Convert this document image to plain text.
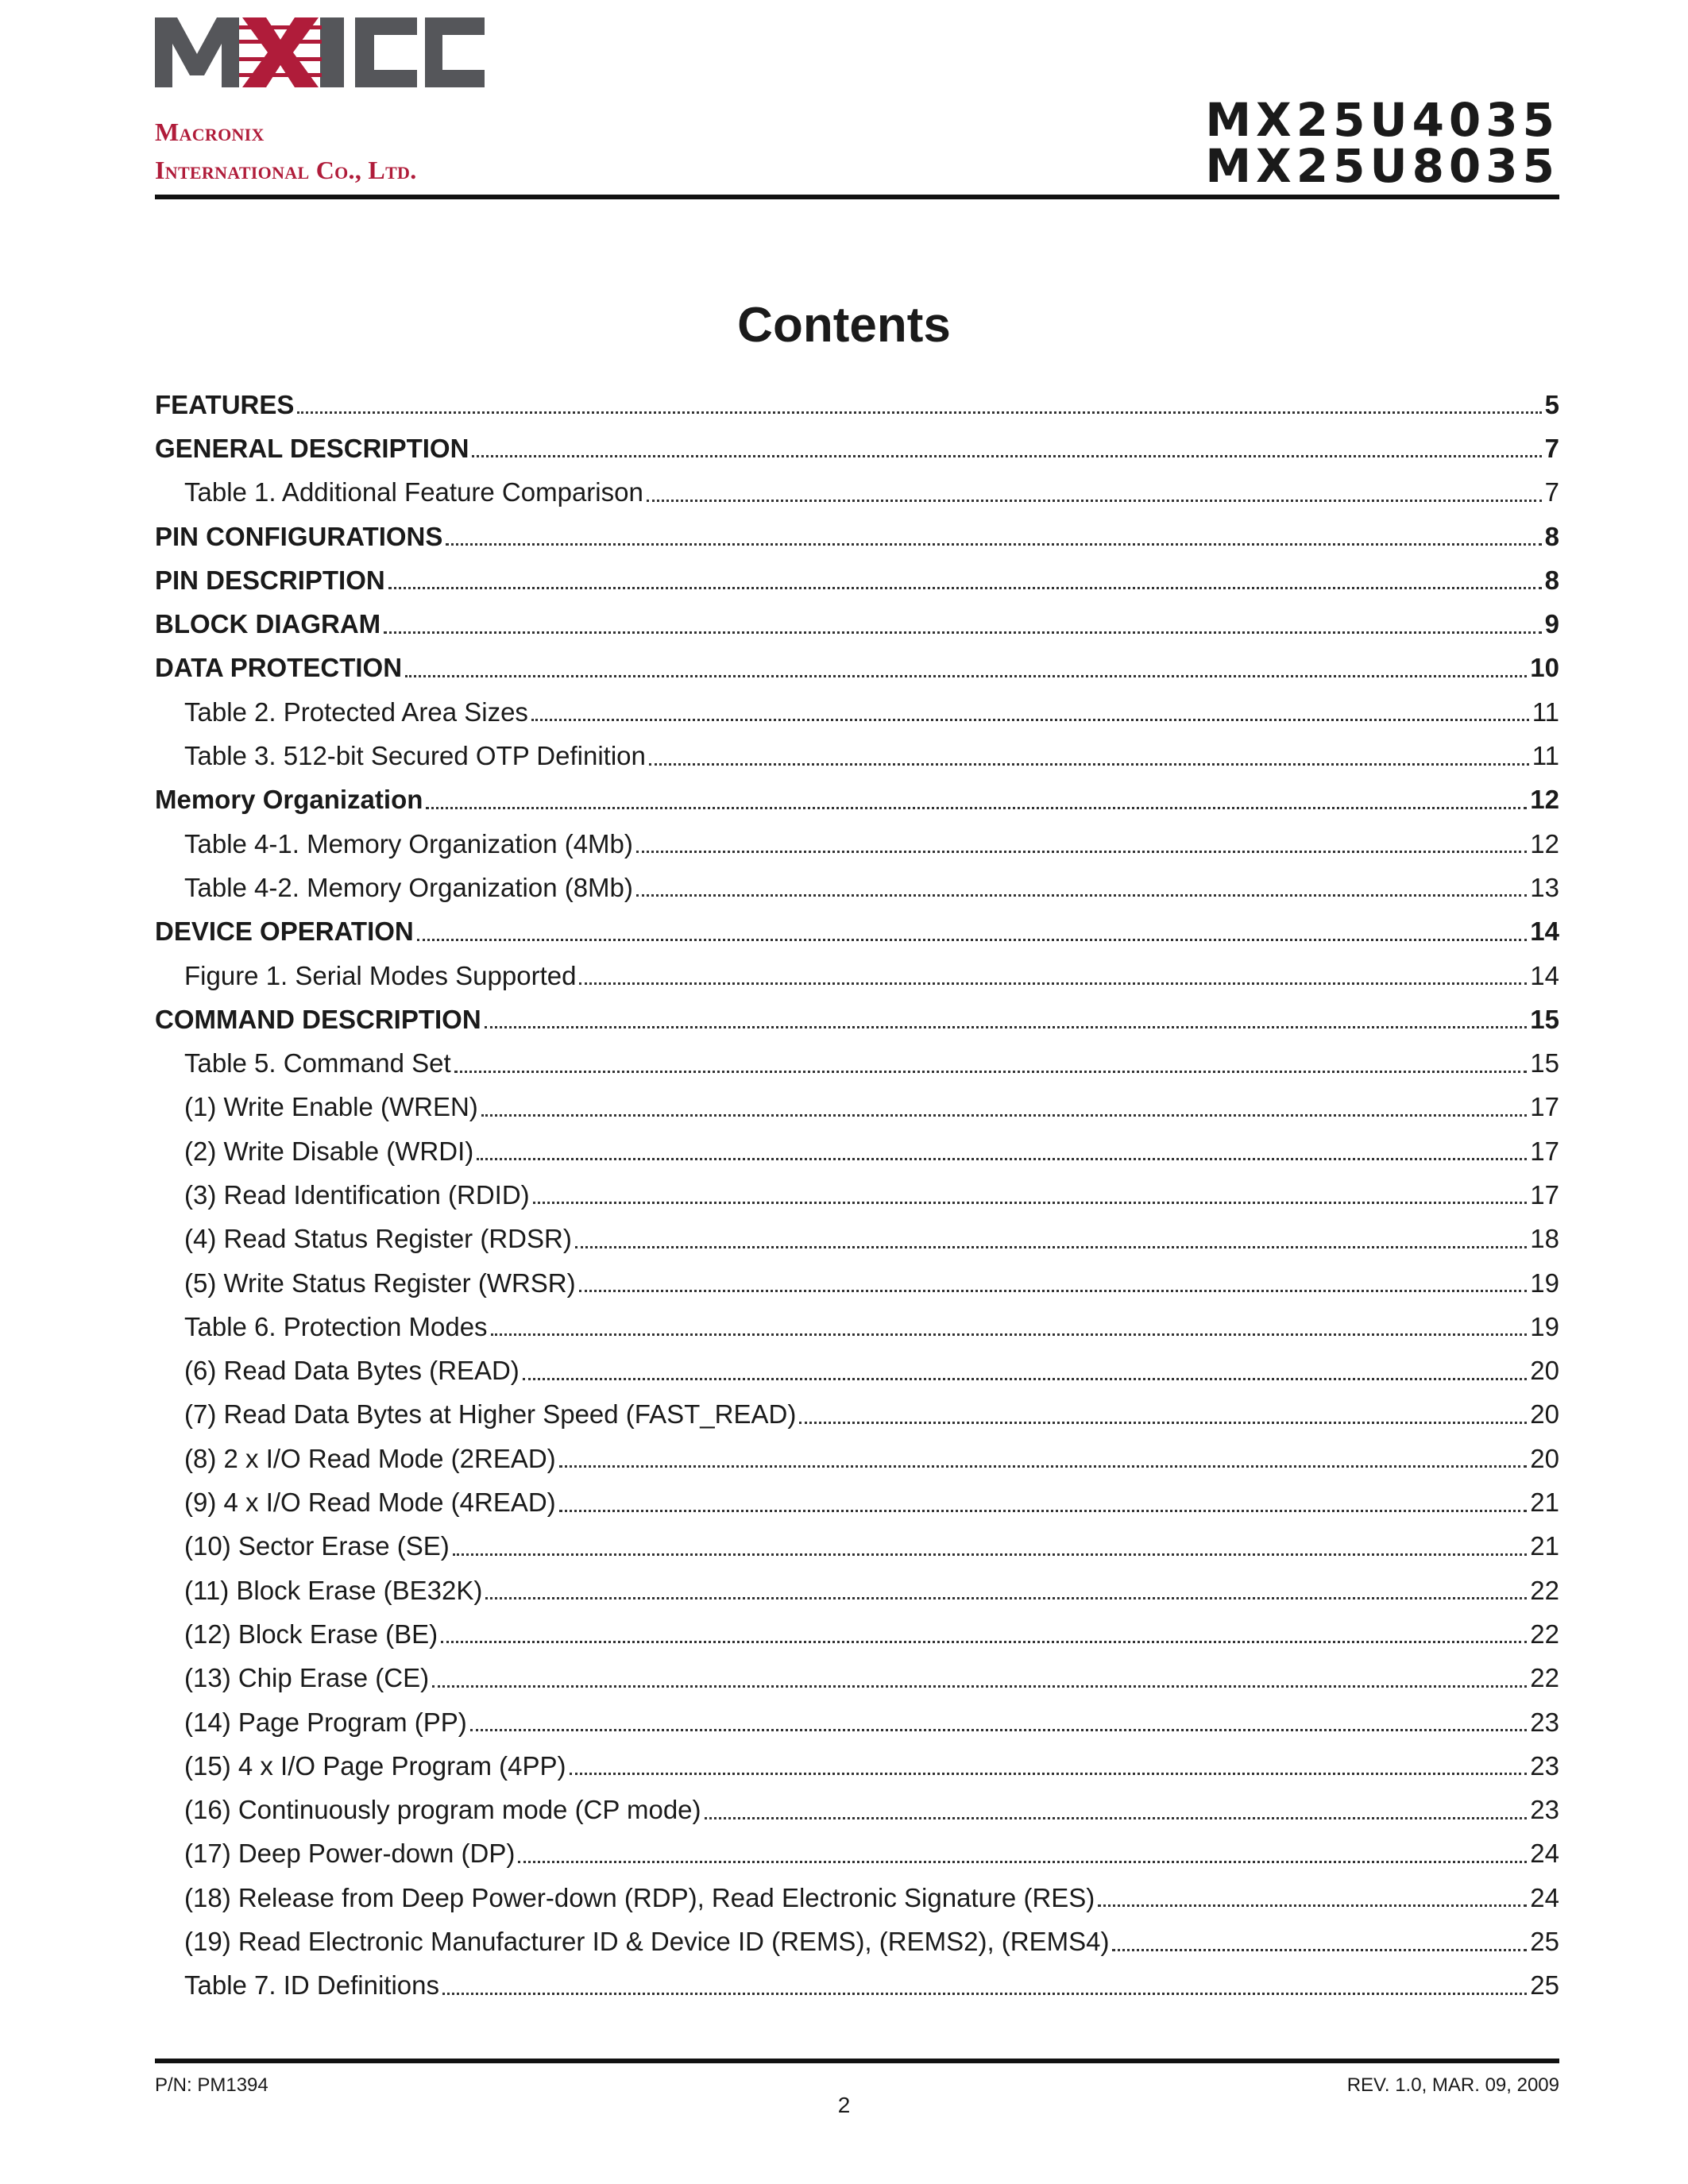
MXIC
Macronix
International Co., Ltd.
MX25U4035
MX25U8035
Contents
FEATURES	5
GENERAL DESCRIPTION	7
Table 1. Additional Feature Comparison	7
PIN CONFIGURATIONS	8
PIN DESCRIPTION	8
BLOCK DIAGRAM	9
DATA PROTECTION	10
Table 2. Protected Area Sizes	11
Table 3. 512-bit Secured OTP Definition	11
Memory Organization	12
Table 4-1. Memory Organization (4Mb)	12
Table 4-2. Memory Organization (8Mb)	13
DEVICE OPERATION	14
Figure 1. Serial Modes Supported	14
COMMAND DESCRIPTION	15
Table 5. Command Set	15
(1) Write Enable (WREN)	17
(2) Write Disable (WRDI)	17
(3) Read Identification (RDID)	17
(4) Read Status Register (RDSR)	18
(5) Write Status Register (WRSR)	19
Table 6. Protection Modes	19
(6) Read Data Bytes (READ)	20
(7) Read Data Bytes at Higher Speed (FAST_READ)	20
(8) 2 x I/O Read Mode (2READ)	20
(9) 4 x I/O Read Mode (4READ)	21
(10) Sector Erase (SE)	21
(11) Block Erase (BE32K)	22
(12) Block Erase (BE)	22
(13) Chip Erase (CE)	22
(14) Page Program (PP)	23
(15) 4 x I/O Page Program (4PP)	23
(16) Continuously program mode (CP mode)	23
(17) Deep Power-down (DP)	24
(18) Release from Deep Power-down (RDP), Read Electronic Signature (RES)	24
(19) Read Electronic Manufacturer ID & Device ID (REMS), (REMS2), (REMS4)	25
Table 7. ID Definitions	25
P/N: PM1394
2
REV. 1.0, MAR. 09, 2009
